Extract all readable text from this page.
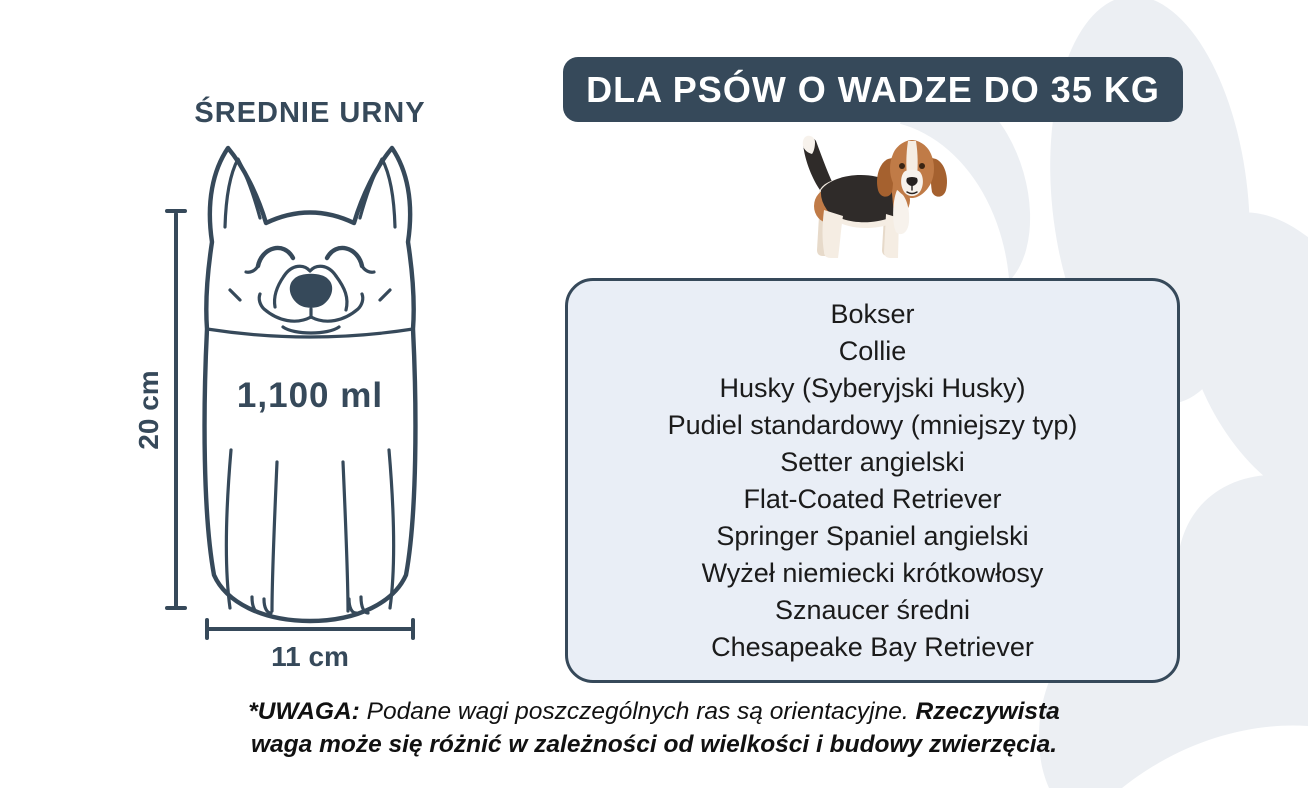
ŚREDNIE URNY
1,100 ml
20 cm
11 cm
DLA PSÓW O WADZE DO 35 KG
Bokser
Collie
Husky (Syberyjski Husky)
Pudiel standardowy (mniejszy typ)
Setter angielski
Flat-Coated Retriever
Springer Spaniel angielski
Wyżeł niemiecki krótkowłosy
Sznaucer średni
Chesapeake Bay Retriever
*UWAGA: Podane wagi poszczególnych ras są orientacyjne. Rzeczywista waga może się różnić w zależności od wielkości i budowy zwierzęcia.
